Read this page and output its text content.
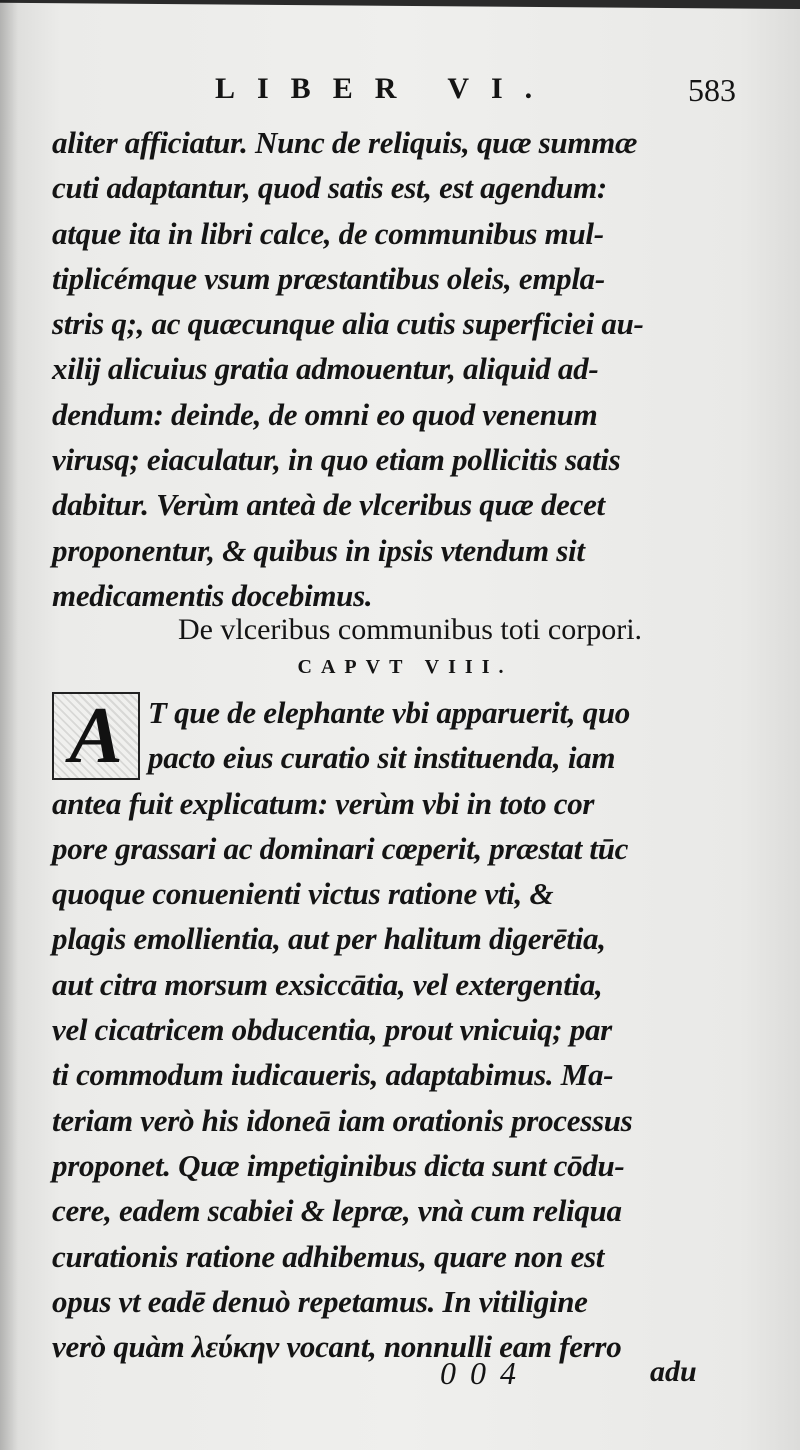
LIBER VI.	583
aliter afficiatur. Nunc de reliquis, quæ summæ
cuti adaptantur, quod satis est, est agendum:
atque ita in libri calce, de communibus mul-
tiplicémque vsum præstantibus oleis, empla-
stris q;, ac quæcunque alia cutis superficiei au-
xilij alicuius gratia admouentur, aliquid ad-
dendum: deinde, de omni eo quod venenum
virusq; eiaculatur, in quo etiam pollicitis satis
dabitur. Verùm anteà de vlceribus quæ decet
proponentur, & quibus in ipsis vtendum sit
medicamentis docebimus.
De vlceribus communibus toti corpori.
CAPVT VIII.
A T que de elephante vbi apparuerit, quo
pacto eius curatio sit instituenda, iam
antea fuit explicatum: verùm vbi in toto cor
pore grassari ac dominari cœperit, præstat tūc
quoque conuenienti victus ratione vti, &
plagis emollientia, aut per halitum digerētia,
aut citra morsum exsiccātia, vel extergentia,
vel cicatricem obducentia, prout vnicuiq; par
ti commodum iudicaueris, adaptabimus. Ma-
teriam verò his idoneā iam orationis processus
proponet. Quæ impetiginibus dicta sunt cōdu-
cere, eadem scabiei & lepræ, vnà cum reliqua
curationis ratione adhibemus, quare non est
opus vt eadē denuò repetamus. In vitiligine
verò quàm λεύκην vocant, nonnulli eam ferro
004	adu
